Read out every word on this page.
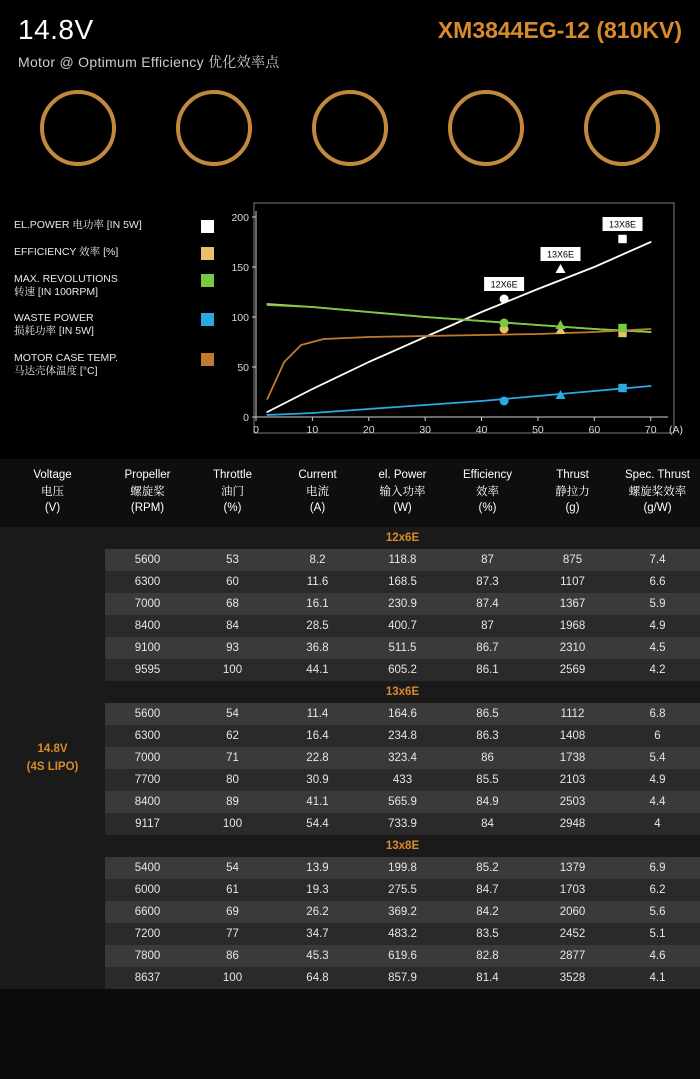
14.8V	XM3844EG-12 (810KV)
Motor @ Optimum Efficiency 优化效率点
EL.POWER 电功率 [IN 5W]
EFFICIENCY 效率 [%]
MAX. REVOLUTIONS
转速 [IN 100RPM]
WASTE POWER
损耗功率 [IN 5W]
MOTOR CASE TEMP.
马达壳体温度 [°C]
0
50
100
150
200
0	10	20	30	40	50	60	70 (A)
12X6E
13X6E
13X8E
Voltage
电压
(V)	Propeller
螺旋桨
(RPM)	Throttle
油门
(%)	Current
电流
(A)	el. Power
输入功率
(W)	Efficiency
效率
(%)	Thrust
静拉力
(g)	Spec. Thrust
螺旋桨效率
(g/W)
14.8V
(4S LIPO)	12x6E						
	5600	53	8.2	118.8	87	875	7.4
	6300	60	11.6	168.5	87.3	1107	6.6
	7000	68	16.1	230.9	87.4	1367	5.9
	8400	84	28.5	400.7	87	1968	4.9
	9100	93	36.8	511.5	86.7	2310	4.5
	9595	100	44.1	605.2	86.1	2569	4.2
	13x6E						
	5600	54	11.4	164.6	86.5	1112	6.8
	6300	62	16.4	234.8	86.3	1408	6
	7000	71	22.8	323.4	86	1738	5.4
	7700	80	30.9	433	85.5	2103	4.9
	8400	89	41.1	565.9	84.9	2503	4.4
	9117	100	54.4	733.9	84	2948	4
	13x8E						
	5400	54	13.9	199.8	85.2	1379	6.9
	6000	61	19.3	275.5	84.7	1703	6.2
	6600	69	26.2	369.2	84.2	2060	5.6
	7200	77	34.7	483.2	83.5	2452	5.1
	7800	86	45.3	619.6	82.8	2877	4.6
	8637	100	64.8	857.9	81.4	3528	4.1
